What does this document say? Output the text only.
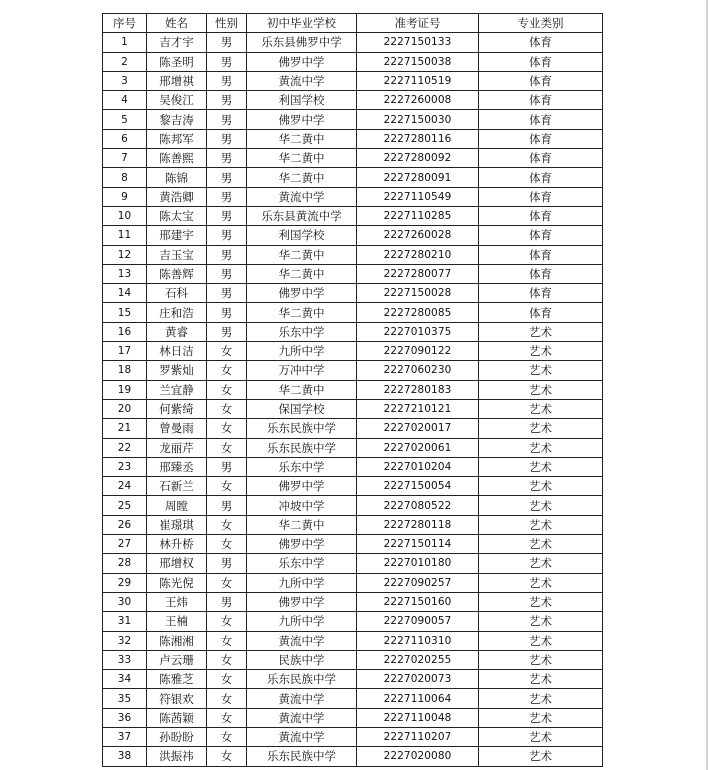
序号	姓名	性别	初中毕业学校	准考证号	专业类别
1	吉才宇	男	乐东县佛罗中学	2227150133	体育
2	陈圣明	男	佛罗中学	2227150038	体育
3	邢增祺	男	黄流中学	2227110519	体育
4	吴俊江	男	利国学校	2227260008	体育
5	黎吉涛	男	佛罗中学	2227150030	体育
6	陈邦军	男	华二黄中	2227280116	体育
7	陈善熙	男	华二黄中	2227280092	体育
8	陈锦	男	华二黄中	2227280091	体育
9	黄浩卿	男	黄流中学	2227110549	体育
10	陈太宝	男	乐东县黄流中学	2227110285	体育
11	邢建宇	男	利国学校	2227260028	体育
12	吉玉宝	男	华二黄中	2227280210	体育
13	陈善辉	男	华二黄中	2227280077	体育
14	石科	男	佛罗中学	2227150028	体育
15	庄和浩	男	华二黄中	2227280085	体育
16	黄睿	男	乐东中学	2227010375	艺术
17	林日洁	女	九所中学	2227090122	艺术
18	罗紫灿	女	万冲中学	2227060230	艺术
19	兰宜静	女	华二黄中	2227280183	艺术
20	何紫绮	女	保国学校	2227210121	艺术
21	曾曼雨	女	乐东民族中学	2227020017	艺术
22	龙丽芹	女	乐东民族中学	2227020061	艺术
23	邢臻丞	男	乐东中学	2227010204	艺术
24	石新兰	女	佛罗中学	2227150054	艺术
25	周瞠	男	冲坡中学	2227080522	艺术
26	崔璟琪	女	华二黄中	2227280118	艺术
27	林升桥	女	佛罗中学	2227150114	艺术
28	邢增权	男	乐东中学	2227010180	艺术
29	陈光倪	女	九所中学	2227090257	艺术
30	王炜	男	佛罗中学	2227150160	艺术
31	王楠	女	九所中学	2227090057	艺术
32	陈湘湘	女	黄流中学	2227110310	艺术
33	卢云珊	女	民族中学	2227020255	艺术
34	陈雅芝	女	乐东民族中学	2227020073	艺术
35	符银欢	女	黄流中学	2227110064	艺术
36	陈茜颖	女	黄流中学	2227110048	艺术
37	孙盼盼	女	黄流中学	2227110207	艺术
38	洪振祎	女	乐东民族中学	2227020080	艺术
